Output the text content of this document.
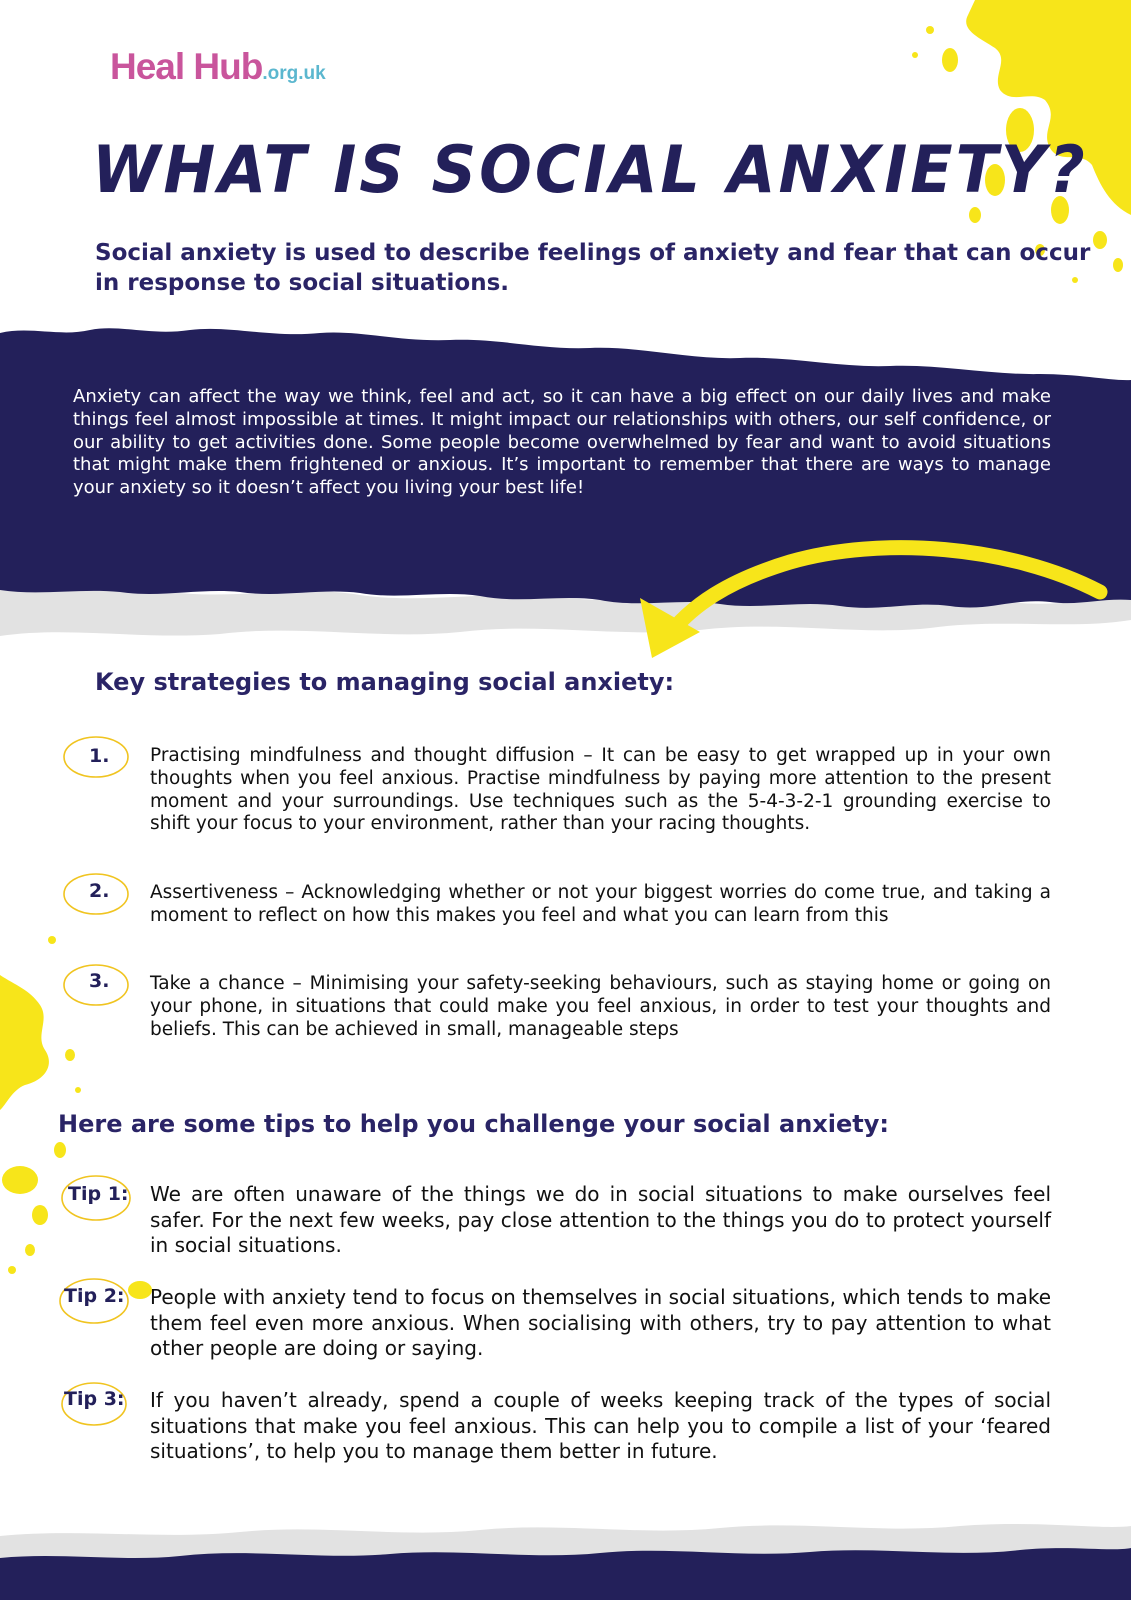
Heal Hub.org.uk
WHAT IS SOCIAL ANXIETY?

Social anxiety is used to describe feelings of anxiety and fear that can occur in response to social situations.

Anxiety can affect the way we think, feel and act, so it can have a big effect on our daily lives and make things feel almost impossible at times. It might impact our relationships with others, our self confidence, or our ability to get activities done. Some people become overwhelmed by fear and want to avoid situations that might make them frightened or anxious. It’s important to remember that there are ways to manage your anxiety so it doesn’t affect you living your best life!

Key strategies to managing social anxiety:
1. Practising mindfulness and thought diffusion – It can be easy to get wrapped up in your own thoughts when you feel anxious. Practise mindfulness by paying more attention to the present moment and your surroundings. Use techniques such as the 5-4-3-2-1 grounding exercise to shift your focus to your environment, rather than your racing thoughts.

2. Assertiveness – Acknowledging whether or not your biggest worries do come true, and taking a moment to reflect on how this makes you feel and what you can learn from this

3. Take a chance – Minimising your safety-seeking behaviours, such as staying home or going on your phone, in situations that could make you feel anxious, in order to test your thoughts and beliefs. This can be achieved in small, manageable steps

Here are some tips to help you challenge your social anxiety:
Tip 1: We are often unaware of the things we do in social situations to make ourselves feel safer. For the next few weeks, pay close attention to the things you do to protect yourself in social situations.

Tip 2: People with anxiety tend to focus on themselves in social situations, which tends to make them feel even more anxious. When socialising with others, try to pay attention to what other people are doing or saying.

Tip 3: If you haven’t already, spend a couple of weeks keeping track of the types of social situations that make you feel anxious. This can help you to compile a list of your ‘feared situations’, to help you to manage them better in future.
